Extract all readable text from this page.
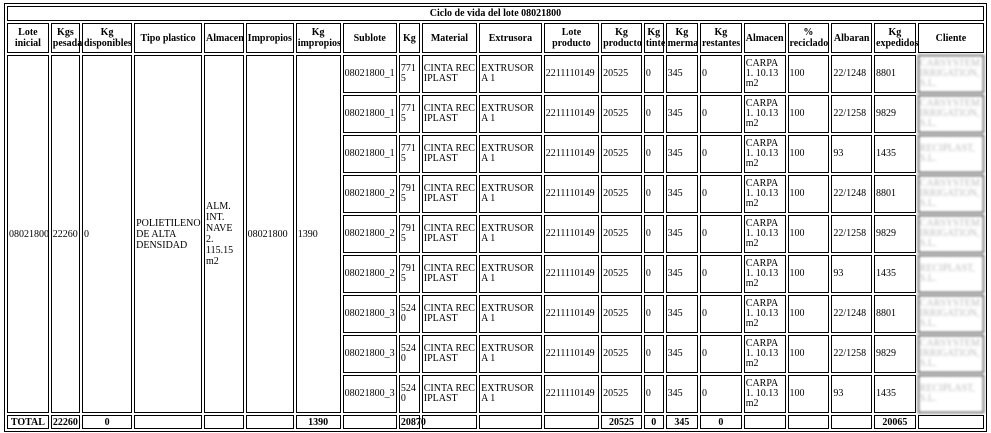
Ciclo de vida del lote 08021800																				
Lote inicial	Kgs pesada	Kg disponibles	Tipo plastico	Almacen	Impropios	Kg impropios	Sublote	Kg	Material	Extrusora	Lote producto	Kg producto	Kg tinte	Kg merma	Kg restantes	Almacen	% reciclado	Albaran	Kg expedidos	Cliente
08021800	22260	0	POLIETILENO DE ALTA DENSIDAD	ALM. INT. NAVE 2. 115.15 m2	08021800	1390	08021800_1	7715	CINTA RECIPLAST	EXTRUSORA 1	2211110149	20525	0	345	0	CARPA 1. 10.13 m2	100	22/1248	8801	CARSYSTEM IRRIGATION, S.L.
							08021800_1	7715	CINTA RECIPLAST	EXTRUSORA 1	2211110149	20525	0	345	0	CARPA 1. 10.13 m2	100	22/1258	9829	CARSYSTEM IRRIGATION, S.L.
							08021800_1	7715	CINTA RECIPLAST	EXTRUSORA 1	2211110149	20525	0	345	0	CARPA 1. 10.13 m2	100	93	1435	RECIPLAST, S.L.
							08021800_2	7915	CINTA RECIPLAST	EXTRUSORA 1	2211110149	20525	0	345	0	CARPA 1. 10.13 m2	100	22/1248	8801	CARSYSTEM IRRIGATION, S.L.
							08021800_2	7915	CINTA RECIPLAST	EXTRUSORA 1	2211110149	20525	0	345	0	CARPA 1. 10.13 m2	100	22/1258	9829	CARSYSTEM IRRIGATION, S.L.
							08021800_2	7915	CINTA RECIPLAST	EXTRUSORA 1	2211110149	20525	0	345	0	CARPA 1. 10.13 m2	100	93	1435	RECIPLAST, S.L.
							08021800_3	5240	CINTA RECIPLAST	EXTRUSORA 1	2211110149	20525	0	345	0	CARPA 1. 10.13 m2	100	22/1248	8801	CARSYSTEM IRRIGATION, S.L.
							08021800_3	5240	CINTA RECIPLAST	EXTRUSORA 1	2211110149	20525	0	345	0	CARPA 1. 10.13 m2	100	22/1258	9829	CARSYSTEM IRRIGATION, S.L.
							08021800_3	5240	CINTA RECIPLAST	EXTRUSORA 1	2211110149	20525	0	345	0	CARPA 1. 10.13 m2	100	93	1435	RECIPLAST, S.L.
TOTAL	22260	0				1390		20870				20525	0	345	0				20065	
